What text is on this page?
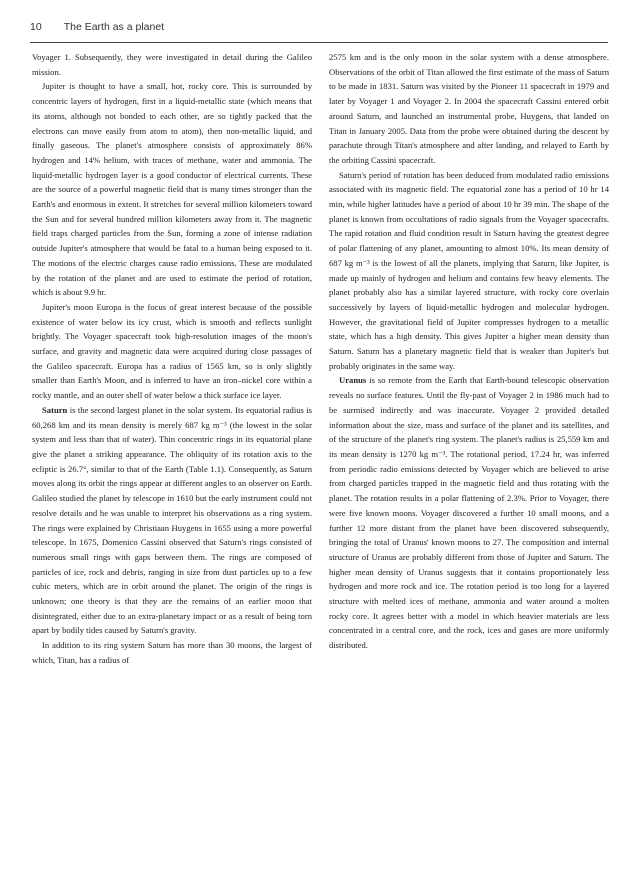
10 The Earth as a planet

Voyager 1. Subsequently, they were investigated in detail during the Galileo mission.

Jupiter is thought to have a small, hot, rocky core. This is surrounded by concentric layers of hydrogen, first in a liquid-metallic state (which means that its atoms, although not bonded to each other, are so tightly packed that the electrons can move easily from atom to atom), then non-metallic liquid, and finally gaseous. The planet's atmosphere consists of approximately 86% hydrogen and 14% helium, with traces of methane, water and ammonia. The liquid-metallic hydrogen layer is a good conductor of electrical currents. These are the source of a powerful magnetic field that is many times stronger than the Earth's and enormous in extent. It stretches for several million kilometers toward the Sun and for several hundred million kilometers away from it. The magnetic field traps charged particles from the Sun, forming a zone of intense radiation outside Jupiter's atmosphere that would be fatal to a human being exposed to it. The motions of the electric charges cause radio emissions. These are modulated by the rotation of the planet and are used to estimate the period of rotation, which is about 9.9 hr.

Jupiter's moon Europa is the focus of great interest because of the possible existence of water below its icy crust, which is smooth and reflects sunlight brightly. The Voyager spacecraft took high-resolution images of the moon's surface, and gravity and magnetic data were acquired during close passages of the Galileo spacecraft. Europa has a radius of 1565 km, so is only slightly smaller than Earth's Moon, and is inferred to have an iron–nickel core within a rocky mantle, and an outer shell of water below a thick surface ice layer.

Saturn is the second largest planet in the solar system. Its equatorial radius is 60,268 km and its mean density is merely 687 kg m⁻³ (the lowest in the solar system and less than that of water). Thin concentric rings in its equatorial plane give the planet a striking appearance. The obliquity of its rotation axis to the ecliptic is 26.7°, similar to that of the Earth (Table 1.1). Consequently, as Saturn moves along its orbit the rings appear at different angles to an observer on Earth. Galileo studied the planet by telescope in 1610 but the early instrument could not resolve details and he was unable to interpret his observations as a ring system. The rings were explained by Christiaan Huygens in 1655 using a more powerful telescope. In 1675, Domenico Cassini observed that Saturn's rings consisted of numerous small rings with gaps between them. The rings are composed of particles of ice, rock and debris, ranging in size from dust particles up to a few cubic meters, which are in orbit around the planet. The origin of the rings is unknown; one theory is that they are the remains of an earlier moon that disintegrated, either due to an extra-planetary impact or as a result of being torn apart by bodily tides caused by Saturn's gravity.

In addition to its ring system Saturn has more than 30 moons, the largest of which, Titan, has a radius of

2575 km and is the only moon in the solar system with a dense atmosphere. Observations of the orbit of Titan allowed the first estimate of the mass of Saturn to be made in 1831. Saturn was visited by the Pioneer 11 spacecraft in 1979 and later by Voyager 1 and Voyager 2. In 2004 the spacecraft Cassini entered orbit around Saturn, and launched an instrumental probe, Huygens, that landed on Titan in January 2005. Data from the probe were obtained during the descent by parachute through Titan's atmosphere and after landing, and relayed to Earth by the orbiting Cassini spacecraft.

Saturn's period of rotation has been deduced from modulated radio emissions associated with its magnetic field. The equatorial zone has a period of 10 hr 14 min, while higher latitudes have a period of about 10 hr 39 min. The shape of the planet is known from occultations of radio signals from the Voyager spacecrafts. The rapid rotation and fluid condition result in Saturn having the greatest degree of polar flattening of any planet, amounting to almost 10%. Its mean density of 687 kg m⁻³ is the lowest of all the planets, implying that Saturn, like Jupiter, is made up mainly of hydrogen and helium and contains few heavy elements. The planet probably also has a similar layered structure, with rocky core overlain successively by layers of liquid-metallic hydrogen and molecular hydrogen. However, the gravitational field of Jupiter compresses hydrogen to a metallic state, which has a high density. This gives Jupiter a higher mean density than Saturn. Saturn has a planetary magnetic field that is weaker than Jupiter's but probably originates in the same way.

Uranus is so remote from the Earth that Earth-bound telescopic observation reveals no surface features. Until the fly-past of Voyager 2 in 1986 much had to be surmised indirectly and was inaccurate. Voyager 2 provided detailed information about the size, mass and surface of the planet and its satellites, and of the structure of the planet's ring system. The planet's radius is 25,559 km and its mean density is 1270 kg m⁻³. The rotational period, 17.24 hr, was inferred from periodic radio emissions detected by Voyager which are believed to arise from charged particles trapped in the magnetic field and thus rotating with the planet. The rotation results in a polar flattening of 2.3%. Prior to Voyager, there were five known moons. Voyager discovered a further 10 small moons, and a further 12 more distant from the planet have been discovered subsequently, bringing the total of Uranus' known moons to 27. The composition and internal structure of Uranus are probably different from those of Jupiter and Saturn. The higher mean density of Uranus suggests that it contains proportionately less hydrogen and more rock and ice. The rotation period is too long for a layered structure with melted ices of methane, ammonia and water around a molten rocky core. It agrees better with a model in which heavier materials are less concentrated in a central core, and the rock, ices and gases are more uniformly distributed.
